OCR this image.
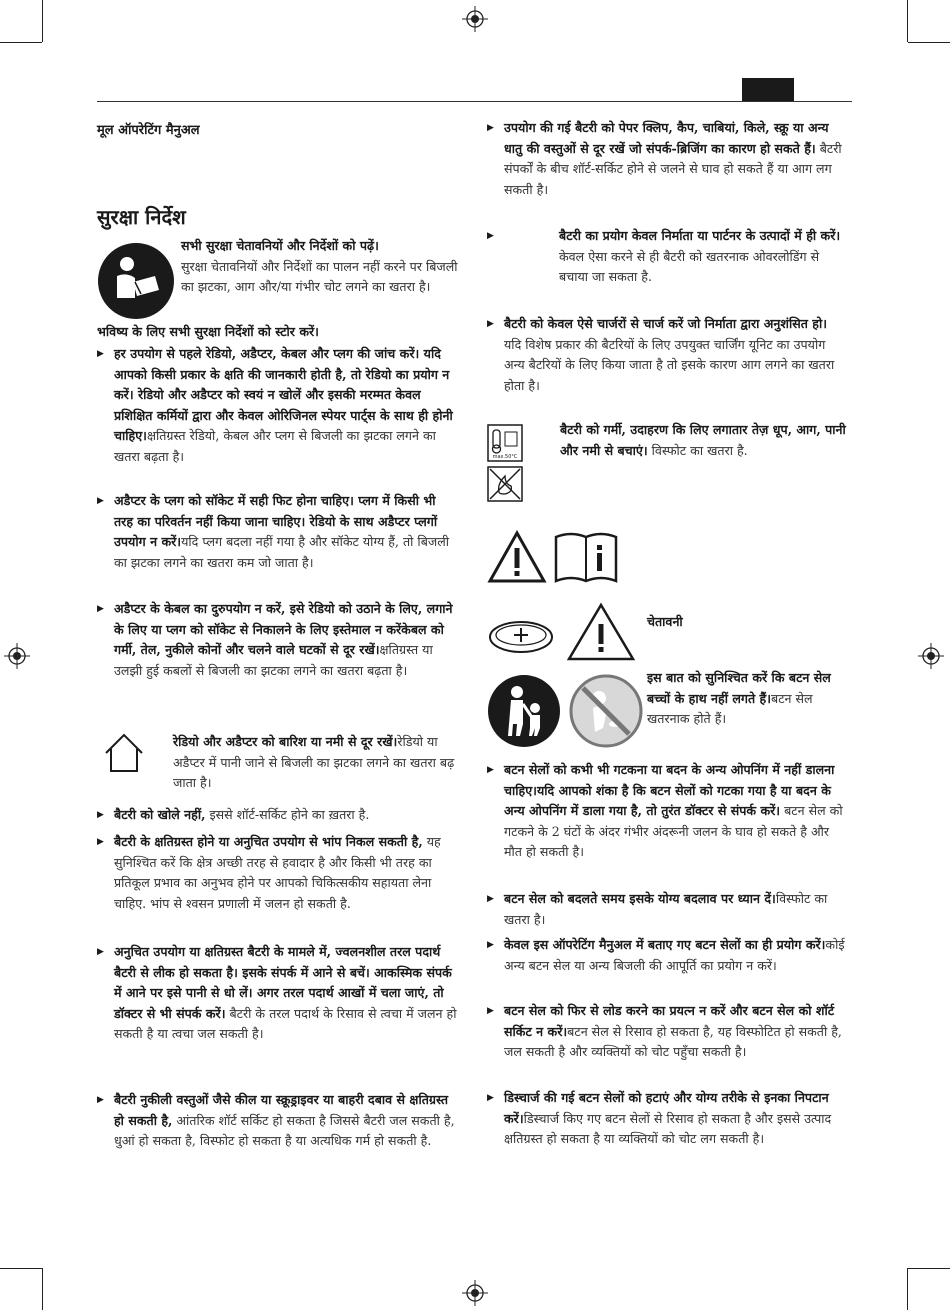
मूल ऑपरेटिंग मैनुअल
सुरक्षा निर्देश

सभी सुरक्षा चेतावनियों और निर्देशों को पढ़ें।

सुरक्षा चेतावनियों और निर्देशों का पालन नहीं करने पर बिजली का झटका, आग और/या गंभीर चोट लगने का खतरा है।

भविष्य के लिए सभी सुरक्षा निर्देशों को स्टोर करें।

▶ हर उपयोग से पहले रेडियो, अडैप्टर, केबल और प्लग की जांच करें। यदि आपको किसी प्रकार के क्षति की जानकारी होती है, तो रेडियो का प्रयोग न करें। रेडियो और अडैप्टर को स्वयं न खोलें और इसकी मरम्मत केवल प्रशिक्षित कर्मियों द्वारा और केवल ओरिजिनल स्पेयर पार्ट्स के साथ ही होनी चाहिए।क्षतिग्रस्त रेडियो, केबल और प्लग से बिजली का झटका लगने का खतरा बढ़ता है।

▶ अडैप्टर के प्लग को सॉकेट में सही फिट होना चाहिए। प्लग में किसी भी तरह का परिवर्तन नहीं किया जाना चाहिए। रेडियो के साथ अडैप्टर प्लगों उपयोग न करें।यदि प्लग बदला नहीं गया है और सॉकेट योग्य हैं, तो बिजली का झटका लगने का खतरा कम जो जाता है।

▶ अडैप्टर के केबल का दुरुपयोग न करें, इसे रेडियो को उठाने के लिए, लगाने के लिए या प्लग को सॉकेट से निकालने के लिए इस्तेमाल न करेंकेबल को गर्मी, तेल, नुकीले कोनों और चलने वाले घटकों से दूर रखें।क्षतिग्रस्त या उलझी हुई कबलों से बिजली का झटका लगने का खतरा बढ़ता है।

रेडियो और अडैप्टर को बारिश या नमी से दूर रखें।रेडियो या अडैप्टर में पानी जाने से बिजली का झटका लगने का खतरा बढ़ जाता है।

▶ बैटरी को खोले नहीं, इससे शॉर्ट-सर्किट होने का ख़तरा है.

▶ बैटरी के क्षतिग्रस्त होने या अनुचित उपयोग से भांप निकल सकती है, यह सुनिश्चित करें कि क्षेत्र अच्छी तरह से हवादार है और किसी भी तरह का प्रतिकूल प्रभाव का अनुभव होने पर आपको चिकित्सकीय सहायता लेना चाहिए. भांप से श्वसन प्रणाली में जलन हो सकती है.

▶ अनुचित उपयोग या क्षतिग्रस्त बैटरी के मामले में, ज्वलनशील तरल पदार्थ बैटरी से लीक हो सकता है। इसके संपर्क में आने से बचें। आकस्मिक संपर्क में आने पर इसे पानी से धो लें। अगर तरल पदार्थ आखों में चला जाएं, तो डॉक्टर से भी संपर्क करें। बैटरी के तरल पदार्थ के रिसाव से त्वचा में जलन हो सकती है या त्वचा जल सकती है।

▶ बैटरी नुकीली वस्तुओं जैसे कील या स्क्रूड्राइवर या बाहरी दबाव से क्षतिग्रस्त हो सकती है, आंतरिक शॉर्ट सर्किट हो सकता है जिससे बैटरी जल सकती है, धुआं हो सकता है, विस्फोट हो सकता है या अत्यधिक गर्म हो सकती है.

▶ उपयोग की गई बैटरी को पेपर क्लिप, कैप, चाबियां, किले, स्क्रू या अन्य धातु की वस्तुओं से दूर रखें जो संपर्क-ब्रिजिंग का कारण हो सकते हैं। बैटरी संपर्कों के बीच शॉर्ट-सर्किट होने से जलने से घाव हो सकते हैं या आग लग सकती है।

▶ बैटरी का प्रयोग केवल निर्माता या पार्टनर के उत्पादों में ही करें। केवल ऐसा करने से ही बैटरी को खतरनाक ओवरलोडिंग से बचाया जा सकता है.

▶ बैटरी को केवल ऐसे चार्जरों से चार्ज करें जो निर्माता द्वारा अनुशंसित हो। यदि विशेष प्रकार की बैटरियों के लिए उपयुक्त चार्जिंग यूनिट का उपयोग अन्य बैटरियों के लिए किया जाता है तो इसके कारण आग लगने का खतरा होता है।

max.50°C

बैटरी को गर्मी, उदाहरण कि लिए लगातार तेज़ धूप, आग, पानी और नमी से बचाएं। विस्फोट का खतरा है.

चेतावनी

इस बात को सुनिश्चित करें कि बटन सेल बच्चों के हाथ नहीं लगते हैं।बटन सेल खतरनाक होते हैं।

▶ बटन सेलों को कभी भी गटकना या बदन के अन्य ओपनिंग में नहीं डालना चाहिए।यदि आपको शंका है कि बटन सेलों को गटका गया है या बदन के अन्य ओपनिंग में डाला गया है, तो तुरंत डॉक्टर से संपर्क करें। बटन सेल को गटकने के 2 घंटों के अंदर गंभीर अंदरूनी जलन के घाव हो सकते है और मौत हो सकती है।

▶ बटन सेल को बदलते समय इसके योग्य बदलाव पर ध्यान दें।विस्फोट का खतरा है।

▶ केवल इस ऑपरेटिंग मैनुअल में बताए गए बटन सेलों का ही प्रयोग करें।कोई अन्य बटन सेल या अन्य बिजली की आपूर्ति का प्रयोग न करें।

▶ बटन सेल को फिर से लोड करने का प्रयत्न न करें और बटन सेल को शॉर्ट सर्किट न करें।बटन सेल से रिसाव हो सकता है, यह विस्फोटित हो सकती है, जल सकती है और व्यक्तियों को चोट पहुँचा सकती है।

▶ डिस्चार्ज की गई बटन सेलों को हटाएं और योग्य तरीके से इनका निपटान करें।डिस्चार्ज किए गए बटन सेलों से रिसाव हो सकता है और इससे उत्पाद क्षतिग्रस्त हो सकता है या व्यक्तियों को चोट लग सकती है।
